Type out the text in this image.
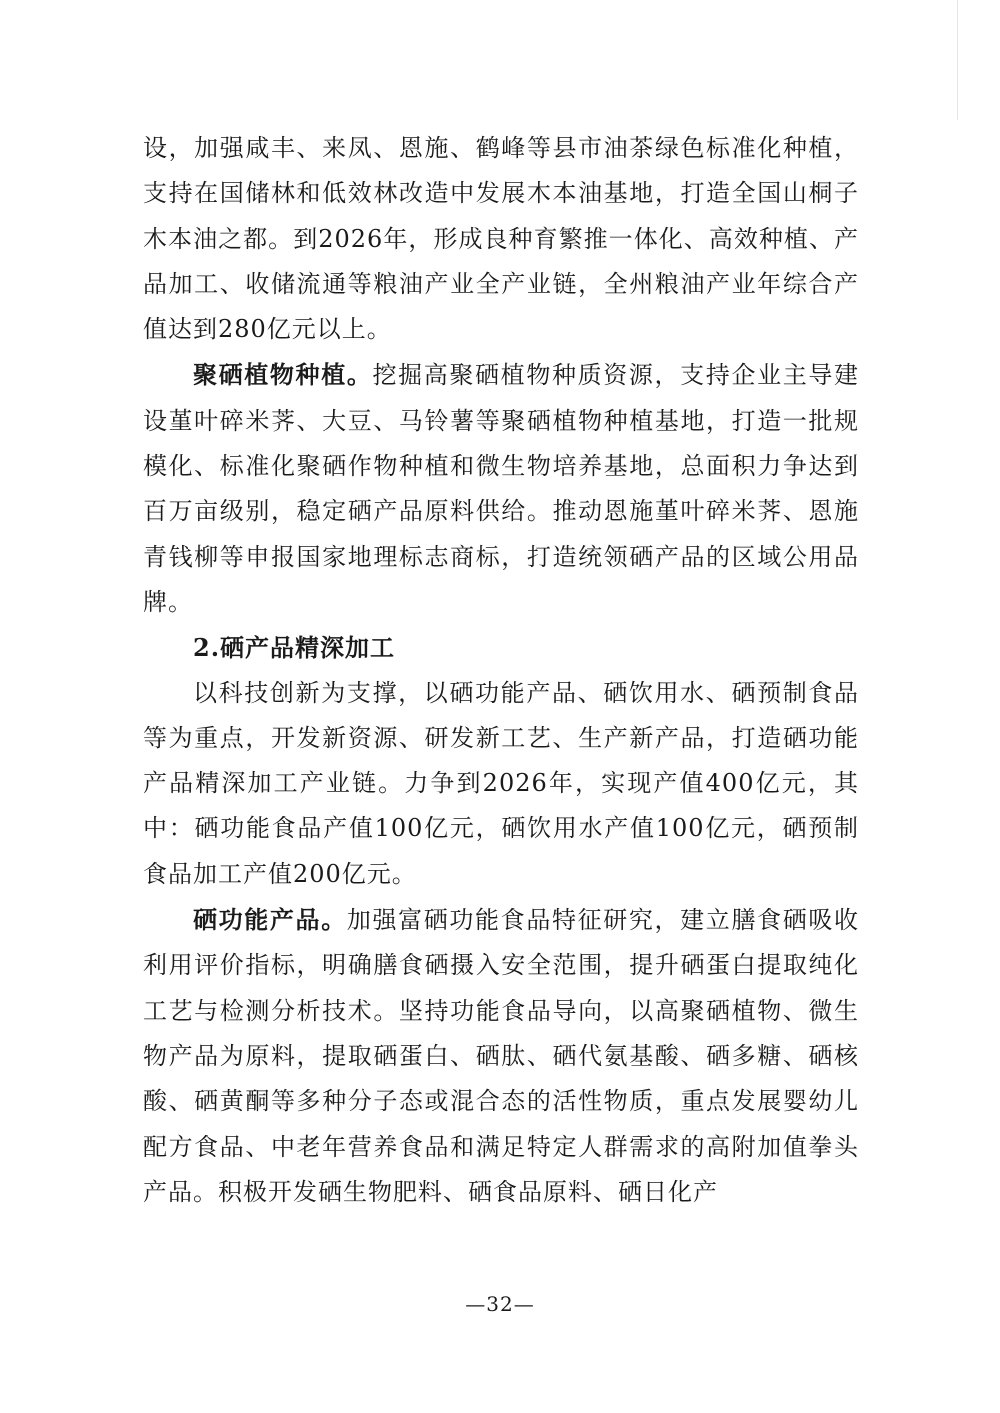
设，加强咸丰、来凤、恩施、鹤峰等县市油茶绿色标准化种植，支持在国储林和低效林改造中发展木本油基地，打造全国山桐子木本油之都。到2026年，形成良种育繁推一体化、高效种植、产品加工、收储流通等粮油产业全产业链，全州粮油产业年综合产值达到280亿元以上。

聚硒植物种植。挖掘高聚硒植物种质资源，支持企业主导建设堇叶碎米荠、大豆、马铃薯等聚硒植物种植基地，打造一批规模化、标准化聚硒作物种植和微生物培养基地，总面积力争达到百万亩级别，稳定硒产品原料供给。推动恩施堇叶碎米荠、恩施青钱柳等申报国家地理标志商标，打造统领硒产品的区域公用品牌。

2.硒产品精深加工

以科技创新为支撑，以硒功能产品、硒饮用水、硒预制食品等为重点，开发新资源、研发新工艺、生产新产品，打造硒功能产品精深加工产业链。力争到2026年，实现产值400亿元，其中：硒功能食品产值100亿元，硒饮用水产值100亿元，硒预制食品加工产值200亿元。

硒功能产品。加强富硒功能食品特征研究，建立膳食硒吸收利用评价指标，明确膳食硒摄入安全范围，提升硒蛋白提取纯化工艺与检测分析技术。坚持功能食品导向，以高聚硒植物、微生物产品为原料，提取硒蛋白、硒肽、硒代氨基酸、硒多糖、硒核酸、硒黄酮等多种分子态或混合态的活性物质，重点发展婴幼儿配方食品、中老年营养食品和满足特定人群需求的高附加值拳头产品。积极开发硒生物肥料、硒食品原料、硒日化产

—32—
